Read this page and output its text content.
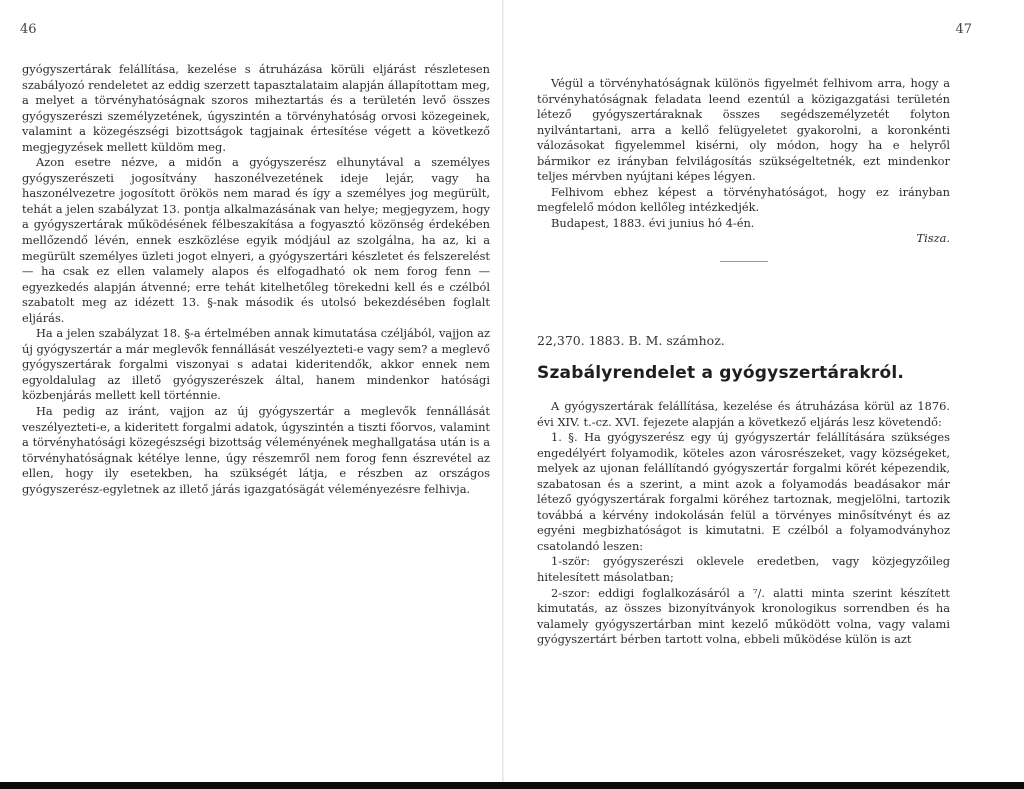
46	47

gyógyszertárak felállítása, kezelése s átruházása körüli eljárást részletesen szabályozó rendeletet az eddig szerzett tapasztalataim alapján állapítottam meg, a melyet a törvényhatóságnak szoros miheztartás és a területén levő összes gyógyszerészi személyzetének, úgyszintén a törvényhatóság orvosi közegeinek, valamint a közegészségi bizottságok tagjainak értesítése végett a következő megjegyzések mellett küldöm meg.

Azon esetre nézve, a midőn a gyógyszerész elhunytával a személyes gyógyszerészeti jogosítvány haszonélvezetének ideje lejár, vagy ha haszonélvezetre jogosított örökös nem marad és így a személyes jog megürült, tehát a jelen szabályzat 13. pontja alkalmazásának van helye; megjegyzem, hogy a gyógyszertárak működésének félbeszakítása a fogyasztó közönség érdekében mellőzendő lévén, ennek eszközlése egyik módjául az szolgálna, ha az, ki a megürült személyes üzleti jogot elnyeri, a gyógyszertári készletet és felszerelést — ha csak ez ellen valamely alapos és elfogadható ok nem forog fenn — egyezkedés alapján átvenné; erre tehát kitelhetőleg törekedni kell és e czélból szabatolt meg az idézett 13. §-nak második és utolsó bekezdésében foglalt eljárás.

Ha a jelen szabályzat 18. §-a értelmében annak kimutatása czéljából, vajjon az új gyógyszertár a már meglevők fennállását veszélyezteti-e vagy sem? a meglevő gyógyszertárak forgalmi viszonyai s adatai kideritendők, akkor ennek nem egyoldalulag az illető gyógyszerészek által, hanem mindenkor hatósági közbenjárás mellett kell történnie.

Ha pedig az iránt, vajjon az új gyógyszertár a meglevők fennállását veszélyezteti-e, a kideritett forgalmi adatok, úgyszintén a tiszti főorvos, valamint a törvényhatósági közegészségi bizottság véleményének meghallgatása után is a törvényhatóságnak kétélye lenne, úgy részemről nem forog fenn észrevétel az ellen, hogy ily esetekben, ha szükségét látja, e részben az országos gyógyszerész-egyletnek az illető járás igazgatósägát véleményezésre felhivja.

Végül a törvényhatóságnak különös figyelmét felhivom arra, hogy a törvényhatóságnak feladata leend ezentúl a közigazgatási területén létező gyógyszertáraknak összes segédszemélyzetét folyton nyilvántartani, arra a kellő felügyeletet gyakorolni, a koronkénti válozásokat figyelemmel kisérni, oly módon, hogy ha e helyről bármikor ez irányban felvilágosítás szükségeltetnék, ezt mindenkor teljes mérvben nyújtani képes légyen.

Felhivom ebhez képest a törvényhatóságot, hogy ez irányban megfelelő módon kellőleg intézkedjék.

Budapest, 1883. évi junius hó 4-én.

Tisza.

22,370. 1883. B. M. számhoz.
Szabályrendelet a gyógyszertárakról.

A gyógyszertárak felállítása, kezelése és átruházása körül az 1876. évi XIV. t.-cz. XVI. fejezete alapján a következő eljárás lesz követendő:

1. §. Ha gyógyszerész egy új gyógyszertár felállítására szükséges engedélyért folyamodik, köteles azon városrészeket, vagy községeket, melyek az ujonan felállítandó gyógyszertár forgalmi körét képezendik, szabatosan és a szerint, a mint azok a folyamodás beadásakor már létező gyógyszertárak forgalmi köréhez tartoznak, megjelölni, tartozik továbbá a kérvény indokolásán felül a törvényes minősítvényt és az egyéni megbizhatóságot is kimutatni. E czélból a folyamodványhoz csatolandó leszen:

1-ször: gyógyszerészi oklevele eredetben, vagy közjegyzőileg hitelesített másolatban;

2-szor: eddigi foglalkozásáról a ⁷/. alatti minta szerint készített kimutatás, az összes bizonyítványok kronologikus sorrendben és ha valamely gyógyszertárban mint kezelő működött volna, vagy valami gyógyszertárt bérben tartott volna, ebbeli működése külön is azt
